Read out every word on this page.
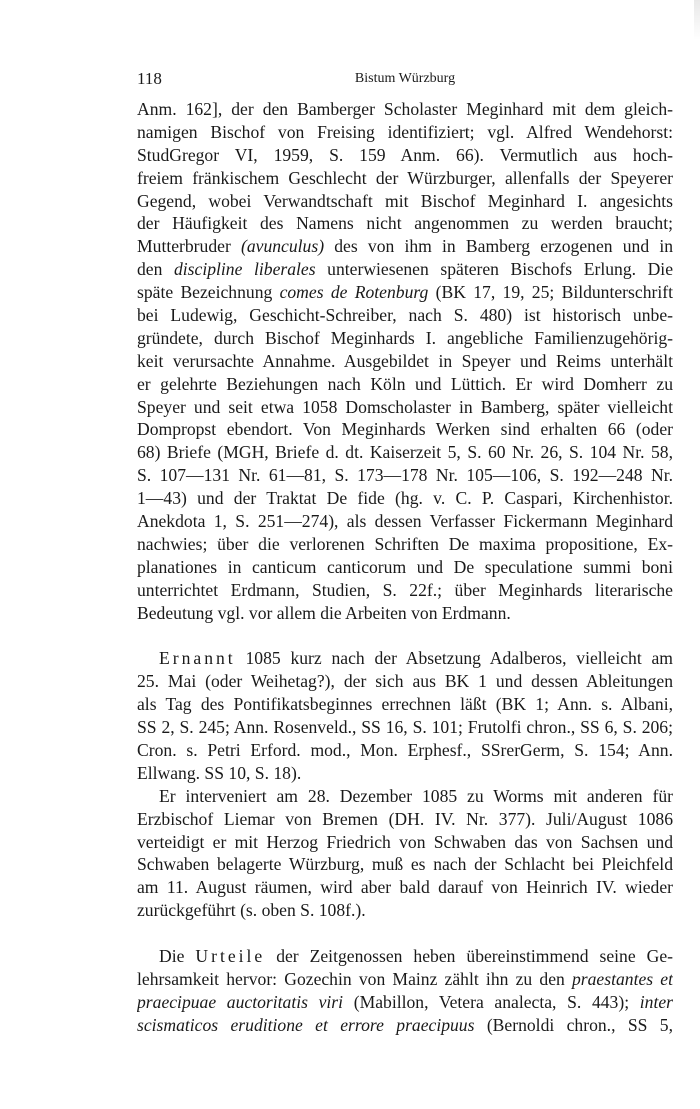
118	Bistum Würzburg
Anm. 162], der den Bamberger Scholaster Meginhard mit dem gleich-
namigen Bischof von Freising identifiziert; vgl. Alfred Wendehorst:
StudGregor VI, 1959, S. 159 Anm. 66). Vermutlich aus hoch-
freiem fränkischem Geschlecht der Würzburger, allenfalls der Speyerer
Gegend, wobei Verwandtschaft mit Bischof Meginhard I. angesichts
der Häufigkeit des Namens nicht angenommen zu werden braucht;
Mutterbruder (avunculus) des von ihm in Bamberg erzogenen und in
den discipline liberales unterwiesenen späteren Bischofs Erlung. Die
späte Bezeichnung comes de Rotenburg (BK 17, 19, 25; Bildunterschrift
bei Ludewig, Geschicht-Schreiber, nach S. 480) ist historisch unbe-
gründete, durch Bischof Meginhards I. angebliche Familienzugehörig-
keit verursachte Annahme. Ausgebildet in Speyer und Reims unterhält
er gelehrte Beziehungen nach Köln und Lüttich. Er wird Domherr zu
Speyer und seit etwa 1058 Domscholaster in Bamberg, später vielleicht
Dompropst ebendort. Von Meginhards Werken sind erhalten 66 (oder
68) Briefe (MGH, Briefe d. dt. Kaiserzeit 5, S. 60 Nr. 26, S. 104 Nr. 58,
S. 107—131 Nr. 61—81, S. 173—178 Nr. 105—106, S. 192—248 Nr.
1—43) und der Traktat De fide (hg. v. C. P. Caspari, Kirchenhistor.
Anekdota 1, S. 251—274), als dessen Verfasser Fickermann Meginhard
nachwies; über die verlorenen Schriften De maxima propositione, Ex-
planationes in canticum canticorum und De speculatione summi boni
unterrichtet Erdmann, Studien, S. 22f.; über Meginhards literarische
Bedeutung vgl. vor allem die Arbeiten von Erdmann.
Ernannt 1085 kurz nach der Absetzung Adalberos, vielleicht am
25. Mai (oder Weihetag?), der sich aus BK 1 und dessen Ableitungen
als Tag des Pontifikatsbeginnes errechnen läßt (BK 1; Ann. s. Albani,
SS 2, S. 245; Ann. Rosenveld., SS 16, S. 101; Frutolfi chron., SS 6, S. 206;
Cron. s. Petri Erford. mod., Mon. Erphesf., SSrerGerm, S. 154; Ann.
Ellwang. SS 10, S. 18).
Er interveniert am 28. Dezember 1085 zu Worms mit anderen für
Erzbischof Liemar von Bremen (DH. IV. Nr. 377). Juli/August 1086
verteidigt er mit Herzog Friedrich von Schwaben das von Sachsen und
Schwaben belagerte Würzburg, muß es nach der Schlacht bei Pleichfeld
am 11. August räumen, wird aber bald darauf von Heinrich IV. wieder
zurückgeführt (s. oben S. 108f.).
Die Urteile der Zeitgenossen heben übereinstimmend seine Ge-
lehrsamkeit hervor: Gozechin von Mainz zählt ihn zu den praestantes et
praecipuae auctoritatis viri (Mabillon, Vetera analecta, S. 443); inter
scismaticos eruditione et errore praecipuus (Bernoldi chron., SS 5,
